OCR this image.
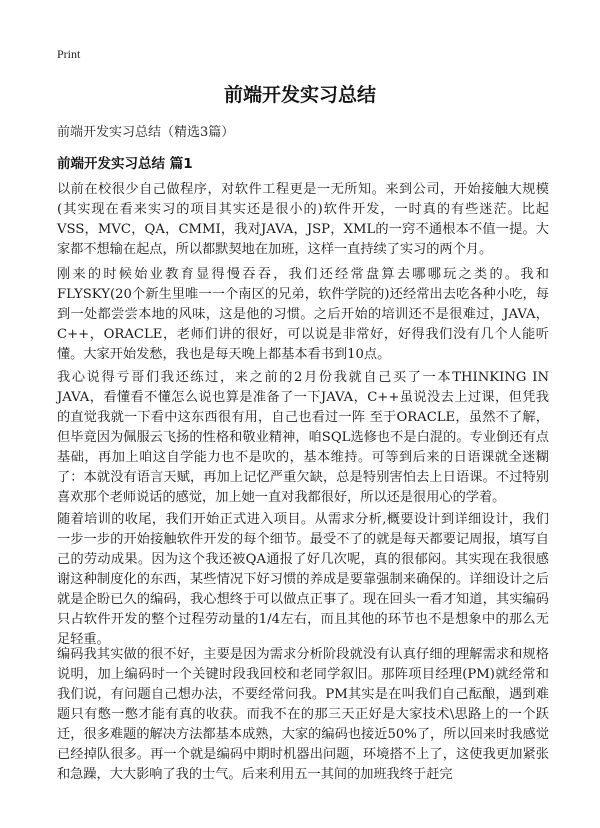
Print
前端开发实习总结
前端开发实习总结（精选3篇）
前端开发实习总结 篇1

以前在校很少自己做程序，对软件工程更是一无所知。来到公司，开始接触大规模(其实现在看来实习的项目其实还是很小的)软件开发，一时真的有些迷茫。比起VSS，MVC，QA，CMMI，我对JAVA，JSP，XML的一窍不通根本不值一提。大家都不想输在起点，所以都默契地在加班，这样一直持续了实习的两个月。

刚来的时候始业教育显得慢吞吞，我们还经常盘算去哪哪玩之类的。我和FLYSKY(20个新生里唯一一个南区的兄弟，软件学院的)还经常出去吃各种小吃，每到一处都尝尝本地的风味，这是他的习惯。之后开始的培训还不是很难过，JAVA，C++，ORACLE，老师们讲的很好，可以说是非常好，好得我们没有几个人能听懂。大家开始发愁，我也是每天晚上都基本看书到10点。

我心说得亏哥们我还练过，来之前的2月份我就自己买了一本THINKING IN JAVA，看懂看不懂怎么说也算是准备了一下JAVA，C++虽说没去上过课，但凭我的直觉我就一下看中这东西很有用，自己也看过一阵 至于ORACLE，虽然不了解，但毕竟因为佩服云飞扬的性格和敬业精神，咱SQL选修也不是白混的。专业倒还有点基础，再加上咱这自学能力也不是吹的，基本维持。可等到后来的日语课就全迷糊了：本就没有语言天赋，再加上记忆严重欠缺，总是特别害怕去上日语课。不过特别喜欢那个老师说话的感觉，加上她一直对我都很好，所以还是很用心的学着。

随着培训的收尾，我们开始正式进入项目。从需求分析,概要设计到详细设计，我们一步一步的开始接触软件开发的每个细节。最受不了的就是每天都要记周报，填写自己的劳动成果。因为这个我还被QA通报了好几次呢，真的很郁闷。其实现在我很感谢这种制度化的东西，某些情况下好习惯的养成是要靠强制来确保的。详细设计之后就是企盼已久的编码，我心想终于可以做点正事了。现在回头一看才知道，其实编码只占软件开发的整个过程劳动量的1/4左右，而且其他的环节也不是想象中的那么无足轻重。

编码我其实做的很不好，主要是因为需求分析阶段就没有认真仔细的理解需求和规格说明，加上编码时一个关键时段我回校和老同学叙旧。那阵项目经理(PM)就经常和我们说，有问题自己想办法，不要经常问我。PM其实是在叫我们自己酝酿，遇到难题只有憋一憋才能有真的收获。而我不在的那三天正好是大家技术\思路上的一个跃迁，很多难题的解决方法都基本成熟，大家的编码也接近50%了，所以回来时我感觉已经掉队很多。再一个就是编码中期时机器出问题，环境搭不上了，这使我更加紧张和急躁，大大影响了我的士气。后来利用五一其间的加班我终于赶完
